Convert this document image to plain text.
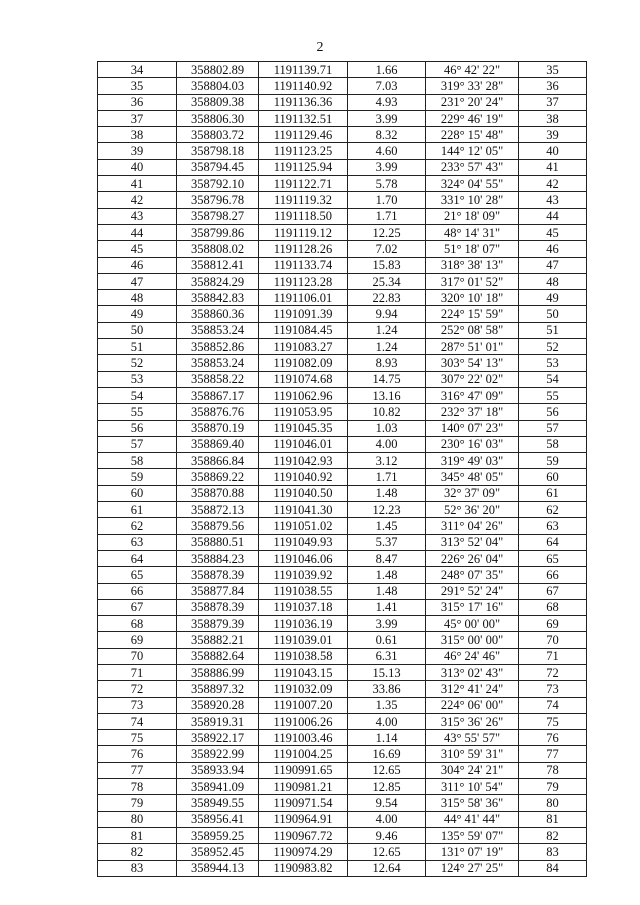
2
34	358802.89	1191139.71	1.66	46° 42' 22"	35
35	358804.03	1191140.92	7.03	319° 33' 28"	36
36	358809.38	1191136.36	4.93	231° 20' 24"	37
37	358806.30	1191132.51	3.99	229° 46' 19"	38
38	358803.72	1191129.46	8.32	228° 15' 48"	39
39	358798.18	1191123.25	4.60	144° 12' 05"	40
40	358794.45	1191125.94	3.99	233° 57' 43"	41
41	358792.10	1191122.71	5.78	324° 04' 55"	42
42	358796.78	1191119.32	1.70	331° 10' 28"	43
43	358798.27	1191118.50	1.71	21° 18' 09"	44
44	358799.86	1191119.12	12.25	48° 14' 31"	45
45	358808.02	1191128.26	7.02	51° 18' 07"	46
46	358812.41	1191133.74	15.83	318° 38' 13"	47
47	358824.29	1191123.28	25.34	317° 01' 52"	48
48	358842.83	1191106.01	22.83	320° 10' 18"	49
49	358860.36	1191091.39	9.94	224° 15' 59"	50
50	358853.24	1191084.45	1.24	252° 08' 58"	51
51	358852.86	1191083.27	1.24	287° 51' 01"	52
52	358853.24	1191082.09	8.93	303° 54' 13"	53
53	358858.22	1191074.68	14.75	307° 22' 02"	54
54	358867.17	1191062.96	13.16	316° 47' 09"	55
55	358876.76	1191053.95	10.82	232° 37' 18"	56
56	358870.19	1191045.35	1.03	140° 07' 23"	57
57	358869.40	1191046.01	4.00	230° 16' 03"	58
58	358866.84	1191042.93	3.12	319° 49' 03"	59
59	358869.22	1191040.92	1.71	345° 48' 05"	60
60	358870.88	1191040.50	1.48	32° 37' 09"	61
61	358872.13	1191041.30	12.23	52° 36' 20"	62
62	358879.56	1191051.02	1.45	311° 04' 26"	63
63	358880.51	1191049.93	5.37	313° 52' 04"	64
64	358884.23	1191046.06	8.47	226° 26' 04"	65
65	358878.39	1191039.92	1.48	248° 07' 35"	66
66	358877.84	1191038.55	1.48	291° 52' 24"	67
67	358878.39	1191037.18	1.41	315° 17' 16"	68
68	358879.39	1191036.19	3.99	45° 00' 00"	69
69	358882.21	1191039.01	0.61	315° 00' 00"	70
70	358882.64	1191038.58	6.31	46° 24' 46"	71
71	358886.99	1191043.15	15.13	313° 02' 43"	72
72	358897.32	1191032.09	33.86	312° 41' 24"	73
73	358920.28	1191007.20	1.35	224° 06' 00"	74
74	358919.31	1191006.26	4.00	315° 36' 26"	75
75	358922.17	1191003.46	1.14	43° 55' 57"	76
76	358922.99	1191004.25	16.69	310° 59' 31"	77
77	358933.94	1190991.65	12.65	304° 24' 21"	78
78	358941.09	1190981.21	12.85	311° 10' 54"	79
79	358949.55	1190971.54	9.54	315° 58' 36"	80
80	358956.41	1190964.91	4.00	44° 41' 44"	81
81	358959.25	1190967.72	9.46	135° 59' 07"	82
82	358952.45	1190974.29	12.65	131° 07' 19"	83
83	358944.13	1190983.82	12.64	124° 27' 25"	84
